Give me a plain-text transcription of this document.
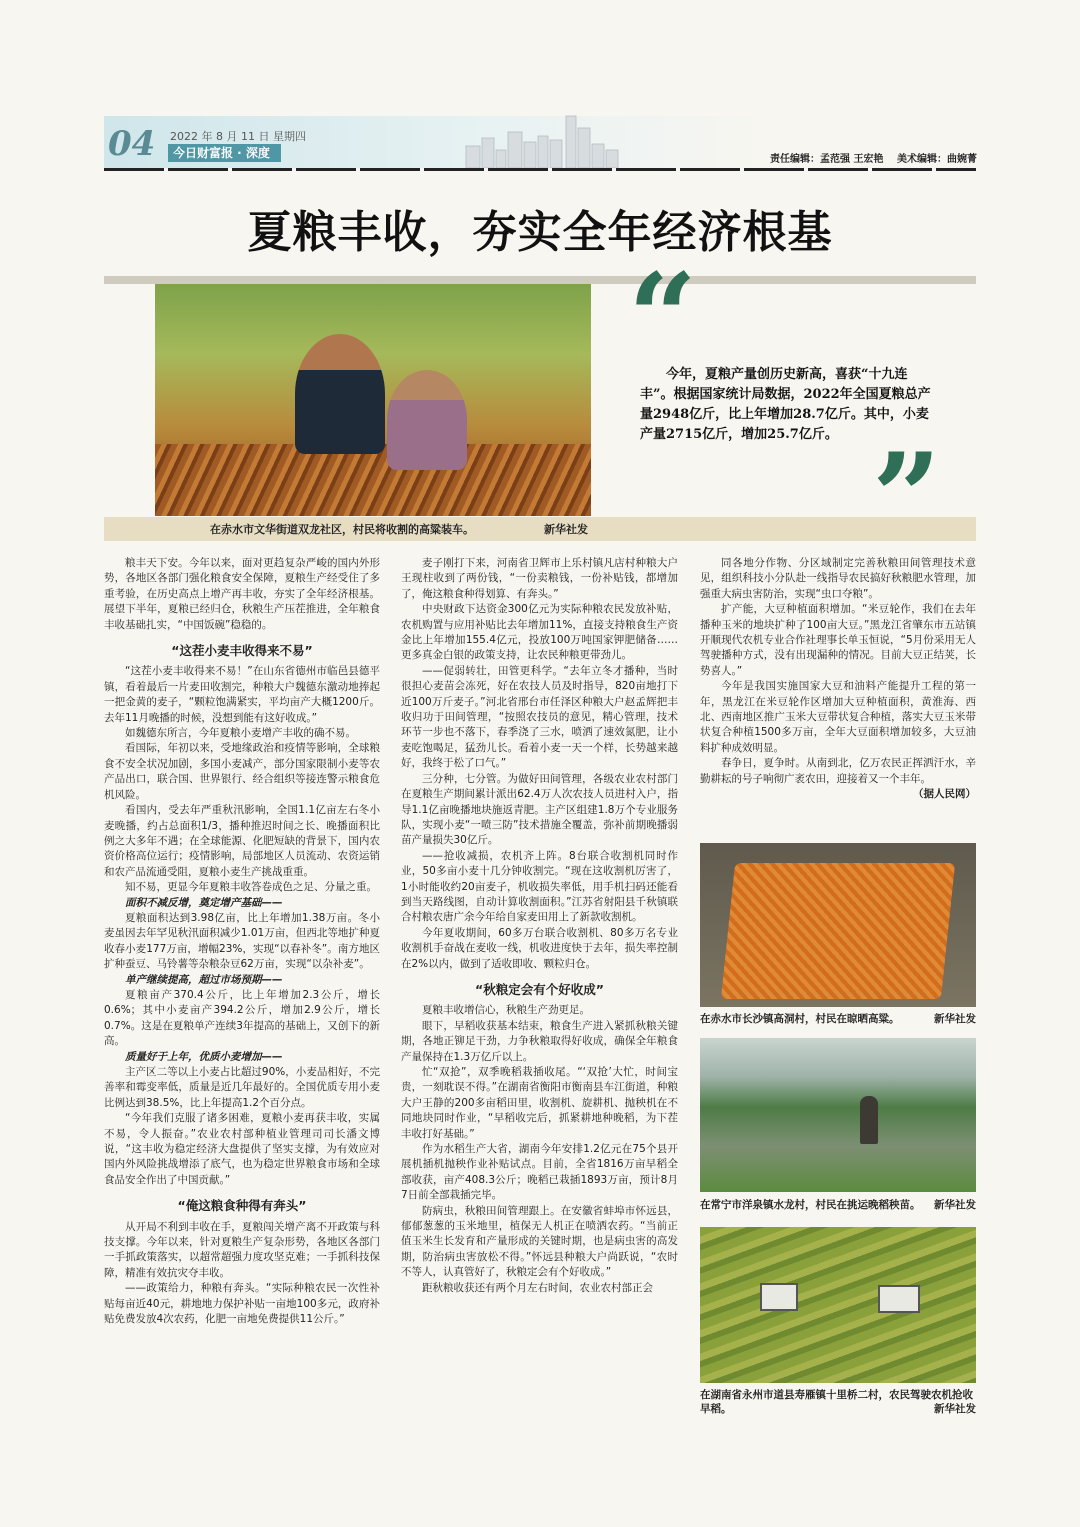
04 2022 年 8 月 11 日 星期四
今日财富报 · 深度	责任编辑：孟范强 王宏艳 美术编辑：曲婉菁
夏粮丰收，夯实全年经济根基
在赤水市文华街道双龙社区，村民将收割的高粱装车。	新华社发
“
今年，夏粮产量创历史新高，喜获“十九连丰”。根据国家统计局数据，2022年全国夏粮总产量2948亿斤，比上年增加28.7亿斤。其中，小麦产量2715亿斤，增加25.7亿斤。 ”

粮丰天下安。今年以来，面对更趋复杂严峻的国内外形势，各地区各部门强化粮食安全保障，夏粮生产经受住了多重考验，在历史高点上增产再丰收，夯实了全年经济根基。展望下半年，夏粮已经归仓，秋粮生产压茬推进，全年粮食丰收基础扎实，“中国饭碗”稳稳的。

“这茬小麦丰收得来不易”

“这茬小麦丰收得来不易！”在山东省德州市临邑县德平镇，看着最后一片麦田收割完，种粮大户魏德东激动地捧起一把金黄的麦子，“颗粒饱满紧实，平均亩产大概1200斤。去年11月晚播的时候，没想到能有这好收成。”

如魏德东所言，今年夏粮小麦增产丰收的确不易。

看国际，年初以来，受地缘政治和疫情等影响，全球粮食不安全状况加剧，多国小麦减产，部分国家限制小麦等农产品出口，联合国、世界银行、经合组织等接连警示粮食危机风险。

看国内，受去年严重秋汛影响，全国1.1亿亩左右冬小麦晚播，约占总面积1/3，播种推迟时间之长、晚播面积比例之大多年不遇；在全球能源、化肥短缺的背景下，国内农资价格高位运行；疫情影响，局部地区人员流动、农资运销和农产品流通受阻，夏粮小麦生产挑战重重。

知不易，更显今年夏粮丰收答卷成色之足、分量之重。

面积不减反增，奠定增产基础——

夏粮面积达到3.98亿亩，比上年增加1.38万亩。冬小麦虽因去年罕见秋汛面积减少1.01万亩，但西北等地扩种夏收春小麦177万亩，增幅23%，实现“以春补冬”。南方地区扩种蚕豆、马铃薯等杂粮杂豆62万亩，实现“以杂补麦”。

单产继续提高，超过市场预期——

夏粮亩产370.4公斤，比上年增加2.3公斤，增长0.6%；其中小麦亩产394.2公斤，增加2.9公斤，增长0.7%。这是在夏粮单产连续3年提高的基础上，又创下的新高。

质量好于上年，优质小麦增加——

主产区二等以上小麦占比超过90%，小麦品相好，不完善率和霉变率低，质量是近几年最好的。全国优质专用小麦比例达到38.5%，比上年提高1.2个百分点。

“今年我们克服了诸多困难，夏粮小麦再获丰收，实属不易，令人振奋。”农业农村部种植业管理司司长潘文博说，“这丰收为稳定经济大盘提供了坚实支撑，为有效应对国内外风险挑战增添了底气，也为稳定世界粮食市场和全球食品安全作出了中国贡献。”

“俺这粮食种得有奔头”

从开局不利到丰收在手，夏粮闯关增产离不开政策与科技支撑。今年以来，针对夏粮生产复杂形势，各地区各部门一手抓政策落实，以超常超强力度攻坚克难；一手抓科技保障，精准有效抗灾夺丰收。

——政策给力，种粮有奔头。“实际种粮农民一次性补贴每亩近40元，耕地地力保护补贴一亩地100多元，政府补贴免费发放4次农药，化肥一亩地免费提供11公斤。”

麦子刚打下来，河南省卫辉市上乐村镇凡店村种粮大户王现柱收到了两份钱，“一份卖粮钱，一份补贴钱，都增加了，俺这粮食种得划算、有奔头。”

中央财政下达资金300亿元为实际种粮农民发放补贴，农机购置与应用补贴比去年增加11%，直接支持粮食生产资金比上年增加155.4亿元，投放100万吨国家钾肥储备……更多真金白银的政策支持，让农民种粮更带劲儿。

——促弱转壮，田管更科学。“去年立冬才播种，当时很担心麦苗会冻死，好在农技人员及时指导，820亩地打下近100万斤麦子。”河北省邢台市任泽区种粮大户赵孟辉把丰收归功于田间管理，“按照农技员的意见，精心管理，技术环节一步也不落下，春季浇了三水，喷洒了速效氮肥，让小麦吃饱喝足，猛劲儿长。看着小麦一天一个样，长势越来越好，我终于松了口气。”

三分种，七分管。为做好田间管理，各级农业农村部门在夏粮生产期间累计派出62.4万人次农技人员进村入户，指导1.1亿亩晚播地块施返青肥。主产区组建1.8万个专业服务队，实现小麦“一喷三防”技术措施全覆盖，弥补前期晚播弱苗产量损失30亿斤。

——抢收减损，农机齐上阵。8台联合收割机同时作业，50多亩小麦十几分钟收割完。“现在这收割机厉害了，1小时能收约20亩麦子，机收损失率低，用手机扫码还能看到当天路线图，自动计算收割面积。”江苏省射阳县千秋镇联合村粮农唐广余今年给自家麦田用上了新款收割机。

今年夏收期间，60多万台联合收割机、80多万名专业收割机手奋战在麦收一线，机收进度快于去年，损失率控制在2%以内，做到了适收即收、颗粒归仓。

“秋粮定会有个好收成”

夏粮丰收增信心，秋粮生产劲更足。

眼下，早稻收获基本结束，粮食生产进入紧抓秋粮关键期，各地正铆足干劲，力争秋粮取得好收成，确保全年粮食产量保持在1.3万亿斤以上。

忙“双抢”，双季晚稻栽插收尾。“‘双抢’大忙，时间宝贵，一刻耽误不得。”在湖南省衡阳市衡南县车江街道，种粮大户王静的200多亩稻田里，收割机、旋耕机、抛秧机在不同地块同时作业，“早稻收完后，抓紧耕地种晚稻，为下茬丰收打好基础。”

作为水稻生产大省，湖南今年安排1.2亿元在75个县开展机插机抛秧作业补贴试点。目前，全省1816万亩早稻全部收获，亩产408.3公斤；晚稻已栽插1893万亩，预计8月7日前全部栽插完毕。

防病虫，秋粮田间管理跟上。在安徽省蚌埠市怀远县，郁郁葱葱的玉米地里，植保无人机正在喷洒农药。“当前正值玉米生长发育和产量形成的关键时期，也是病虫害的高发期，防治病虫害放松不得。”怀远县种粮大户尚跃说，“农时不等人，认真管好了，秋粮定会有个好收成。”

距秋粮收获还有两个月左右时间，农业农村部正会

同各地分作物、分区域制定完善秋粮田间管理技术意见，组织科技小分队赴一线指导农民搞好秋粮肥水管理，加强重大病虫害防治，实现“虫口夺粮”。

扩产能，大豆种植面积增加。“米豆轮作，我们在去年播种玉米的地块扩种了100亩大豆。”黑龙江省肇东市五站镇开顺现代农机专业合作社理事长单玉恒说，“5月份采用无人驾驶播种方式，没有出现漏种的情况。目前大豆正结荚，长势喜人。”

今年是我国实施国家大豆和油料产能提升工程的第一年，黑龙江在米豆轮作区增加大豆种植面积，黄淮海、西北、西南地区推广玉米大豆带状复合种植，落实大豆玉米带状复合种植1500多万亩，全年大豆面积增加较多，大豆油料扩种成效明显。

春争日，夏争时。从南到北，亿万农民正挥洒汗水，辛勤耕耘的号子响彻广袤农田，迎接着又一个丰年。

（据人民网）

在赤水市长沙镇高洞村，村民在晾晒高粱。	新华社发
在常宁市洋泉镇水龙村，村民在挑运晚稻秧苗。 新华社发
在湖南省永州市道县寿雁镇十里桥二村，农民驾驶农机抢收早稻。	新华社发
